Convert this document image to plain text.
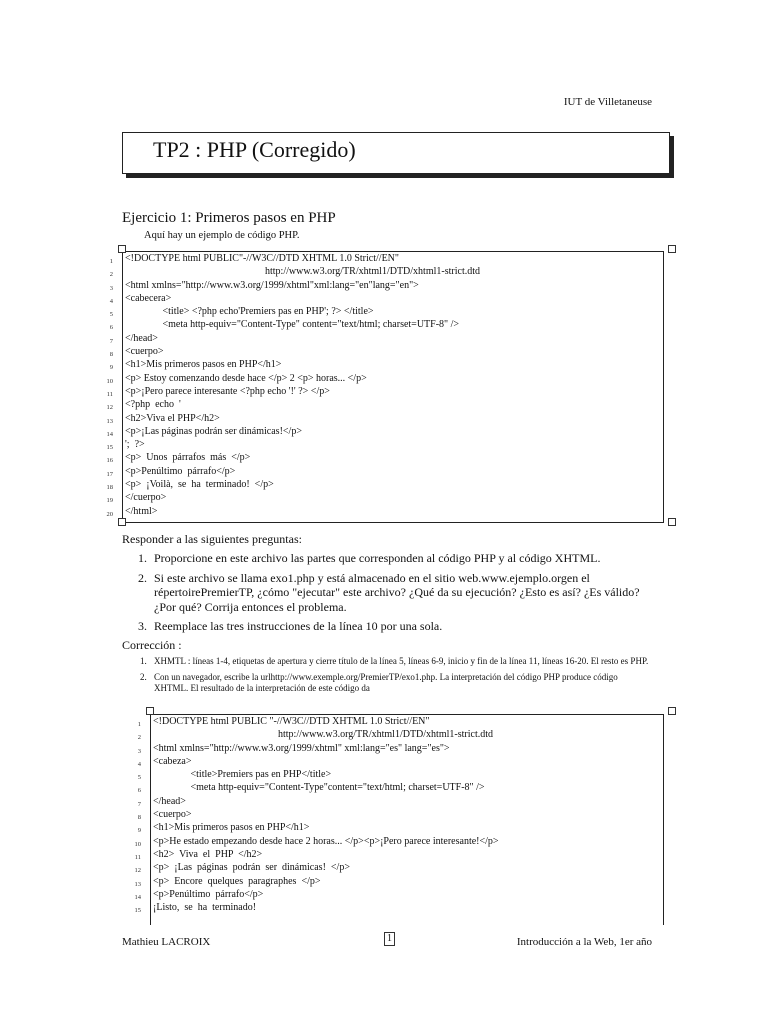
IUT de Villetaneuse
TP2 : PHP (Corregido)
Ejercicio 1: Primeros pasos en PHP
Aquí hay un ejemplo de código PHP.
1 <!DOCTYPE html PUBLIC"-//W3C//DTD XHTML 1.0 Strict//EN"
2 http://www.w3.org/TR/xhtml1/DTD/xhtml1-strict.dtd
3 <html xmlns="http://www.w3.org/1999/xhtml"xml:lang="en"lang="en">
4 <cabecera>
5 <title> <?php echo'Premiers pas en PHP'; ?> </title>
6 <meta http-equiv="Content-Type" content="text/html; charset=UTF-8" />
7 </head>
8 <cuerpo>
9 <h1>Mis primeros pasos en PHP</h1>
10 <p> Estoy comenzando desde hace </p> 2 <p> horas... </p>
11 <p>¡Pero parece interesante <?php echo '!' ?> </p>
12 <?php  echo  '
13 <h2>Viva el PHP</h2>
14 <p>¡Las páginas podrán ser dinámicas!</p>
15 ';  ?>
16 <p>  Unos  párrafos  más  </p>
17 <p>Penúltimo  párrafo</p>
18 <p>  ¡Voilà,  se  ha  terminado!  </p>
19 </cuerpo>
20 </html>
Responder a las siguientes preguntas:
1. Proporcione en este archivo las partes que corresponden al código PHP y al código XHTML.
2. Si este archivo se llama exo1.php y está almacenado en el sitio web.www.ejemplo.orgen el répertoirePremierTP, ¿cómo "ejecutar" este archivo? ¿Qué da su ejecución? ¿Esto es así? ¿Es válido? ¿Por qué? Corrija entonces el problema.
3. Reemplace las tres instrucciones de la línea 10 por una sola.
Corrección :
1. XHMTL : líneas 1-4, etiquetas de apertura y cierre título de la línea 5, líneas 6-9, inicio y fin de la línea 11, líneas 16-20. El resto es PHP.
2. Con un navegador, escribe la urlhttp://www.exemple.org/PremierTP/exo1.php. La interpretación del código PHP produce código XHTML. El resultado de la interpretación de este código da
1 <!DOCTYPE html PUBLIC "-//W3C//DTD XHTML 1.0 Strict//EN"
2 http://www.w3.org/TR/xhtml1/DTD/xhtml1-strict.dtd
3 <html xmlns="http://www.w3.org/1999/xhtml" xml:lang="es" lang="es">
4 <cabeza>
5 <title>Premiers pas en PHP</title>
6 <meta http-equiv="Content-Type"content="text/html; charset=UTF-8" />
7 </head>
8 <cuerpo>
9 <h1>Mis primeros pasos en PHP</h1>
10 <p>He estado empezando desde hace 2 horas... </p><p>¡Pero parece interesante!</p>
11 <h2>  Viva  el  PHP  </h2>
12 <p>  ¡Las  páginas  podrán  ser  dinámicas!  </p>
13 <p>  Encore  quelques  paragraphes  </p>
14 <p>Penúltimo  párrafo</p>
15 ¡Listo,  se  ha  terminado!
Mathieu LACROIX	1	Introducción a la Web, 1er año
